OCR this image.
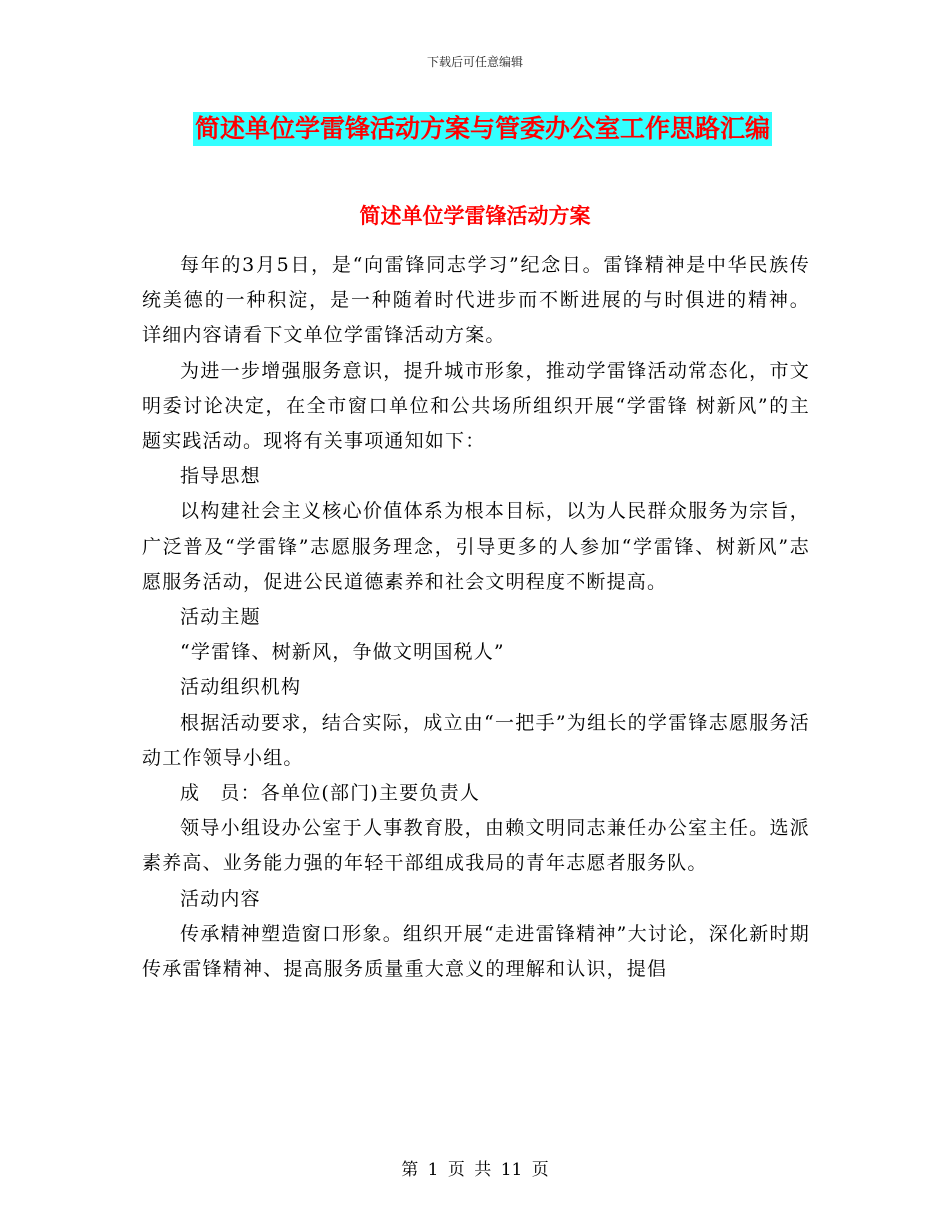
下载后可任意编辑
简述单位学雷锋活动方案与管委办公室工作思路汇编
简述单位学雷锋活动方案

每年的3月5日，是“向雷锋同志学习”纪念日。雷锋精神是中华民族传统美德的一种积淀，是一种随着时代进步而不断进展的与时俱进的精神。 详细内容请看下文单位学雷锋活动方案。

为进一步增强服务意识，提升城市形象，推动学雷锋活动常态化，市文明委讨论决定，在全市窗口单位和公共场所组织开展“学雷锋 树新风”的主题实践活动。现将有关事项通知如下：

指导思想

以构建社会主义核心价值体系为根本目标，以为人民群众服务为宗旨，广泛普及“学雷锋”志愿服务理念，引导更多的人参加“学雷锋、树新风”志愿服务活动，促进公民道德素养和社会文明程度不断提高。

活动主题

“学雷锋、树新风，争做文明国税人”

活动组织机构

根据活动要求，结合实际，成立由“一把手”为组长的学雷锋志愿服务活动工作领导小组。

成　员：各单位(部门)主要负责人

领导小组设办公室于人事教育股，由赖文明同志兼任办公室主任。选派素养高、业务能力强的年轻干部组成我局的青年志愿者服务队。

活动内容

传承精神塑造窗口形象。组织开展“走进雷锋精神”大讨论，深化新时期传承雷锋精神、提高服务质量重大意义的理解和认识，提倡

第 1 页 共 11 页
